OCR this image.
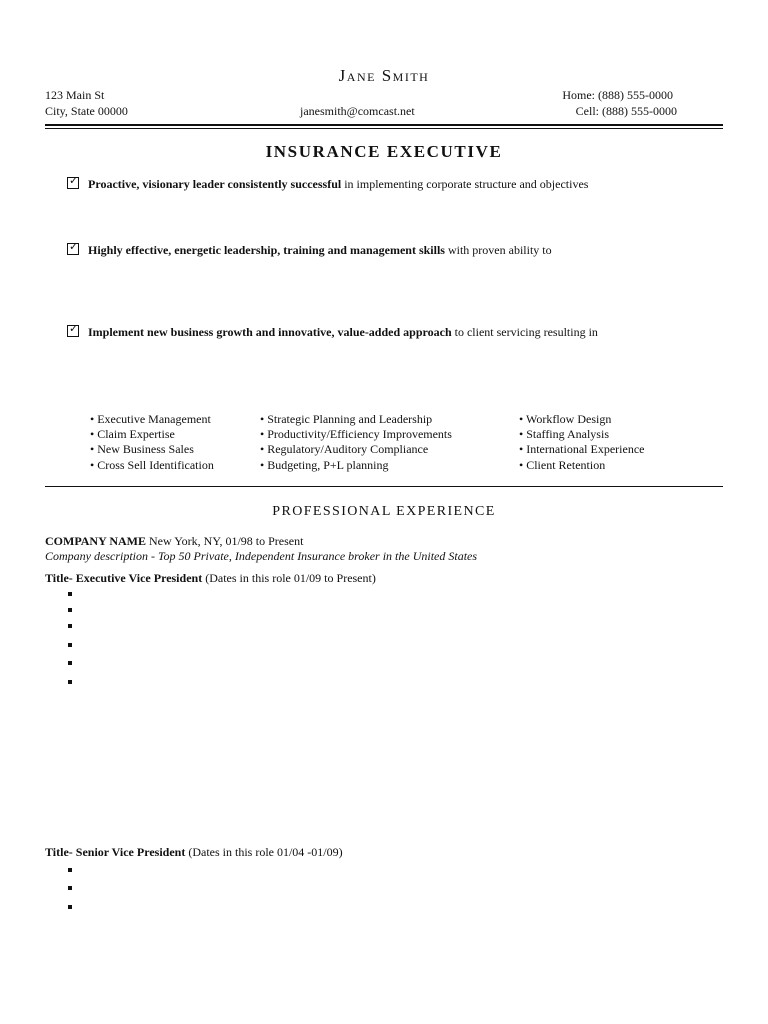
Jane Smith
123 Main St
City, State 00000	janesmith@comcast.net
Home: (888) 555-0000
Cell: (888) 555-0000
INSURANCE EXECUTIVE
✓Proactive, visionary leader consistently successful in implementing corporate structure and objectives
✓Highly effective, energetic leadership, training and management skills with proven ability to
✓Implement new business growth and innovative, value-added approach to client servicing resulting in
• Executive Management
• Claim Expertise
• New Business Sales
• Cross Sell Identification
• Strategic Planning and Leadership
• Productivity/Efficiency Improvements
• Regulatory/Auditory Compliance
• Budgeting, P+L planning
• Workflow Design
• Staffing Analysis
• International Experience
• Client Retention
PROFESSIONAL EXPERIENCE
COMPANY NAME New York, NY, 01/98 to Present
Company description - Top 50 Private, Independent Insurance broker in the United States
Title- Executive Vice President (Dates in this role 01/09 to Present)
Title- Senior Vice President (Dates in this role 01/04 -01/09)
